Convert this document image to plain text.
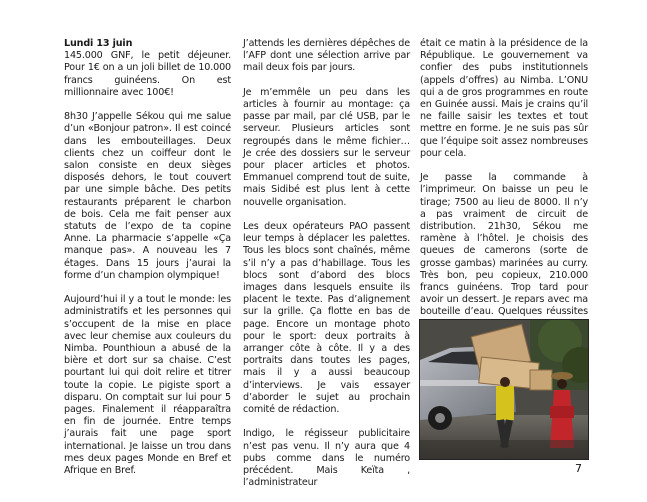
Lundi 13 juin

145.000 GNF, le petit déjeuner. Pour 1€ on a un joli billet de 10.000 francs guinéens. On est millionnaire avec 100€!

8h30 J’appelle Sékou qui me salue d’un «Bonjour patron». Il est coincé dans les embouteillages. Deux clients chez un coiffeur dont le salon consiste en deux sièges disposés dehors, le tout couvert par une simple bâche. Des petits restaurants préparent le charbon de bois. Cela me fait penser aux statuts de l’expo de ta copine Anne. La pharmacie s’appelle «Ça manque pas». A nouveau les 7 étages. Dans 15 jours j’aurai la forme d’un champion olympique!

Aujourd’hui il y a tout le monde: les administratifs et les personnes qui s’occupent de la mise en place avec leur chemise aux couleurs du Nimba. Pounthioun a abusé de la bière et dort sur sa chaise. C’est pourtant lui qui doit relire et titrer toute la copie. Le pigiste sport a disparu. On comptait sur lui pour 5 pages. Finalement il réapparaîtra en fin de journée. Entre temps j’aurais fait une page sport international. Je laisse un trou dans mes deux pages Monde en Bref et Afrique en Bref.

J’attends les dernières dépêches de l’AFP dont une sélection arrive par mail deux fois par jours.

Je m’emmêle un peu dans les articles à fournir au montage: ça passe par mail, par clé USB, par le serveur. Plusieurs articles sont regroupés dans le même fichier… Je crée des dossiers sur le serveur pour placer articles et photos. Emmanuel comprend tout de suite, mais Sidibé est plus lent à cette nouvelle organisation.

Les deux opérateurs PAO passent leur temps à déplacer les palettes. Tous les blocs sont chaînés, même s’il n’y a pas d’habillage. Tous les blocs sont d’abord des blocs images dans lesquels ensuite ils placent le texte. Pas d’alignement sur la grille. Ça flotte en bas de page. Encore un montage photo pour le sport: deux portraits à arranger côte à côte. Il y a des portraits dans toutes les pages, mais il y a aussi beaucoup d’interviews. Je vais essayer d’aborder le sujet au prochain comité de rédaction.

Indigo, le régisseur publicitaire n’est pas venu. Il n’y aura que 4 pubs comme dans le numéro précédent. Mais Keïta , l’administrateur

était ce matin à la présidence de la République. Le gouvernement va confier des pubs institutionnels (appels d’offres) au Nimba. L’ONU qui a de gros programmes en route en Guinée aussi. Mais je crains qu’il ne faille saisir les textes et tout mettre en forme. Je ne suis pas sûr que l’équipe soit assez nombreuses pour cela.

Je passe la commande à l’imprimeur. On baisse un peu le tirage; 7500 au lieu de 8000. Il n’y a pas vraiment de circuit de distribution. 21h30, Sékou me ramène à l’hôtel. Je choisis des queues de camerons (sorte de grosse gambas) marinées au curry. Très bon, peu copieux, 210.000 francs guinéens. Trop tard pour avoir un dessert. Je repars avec ma bouteille d’eau. Quelques réussites

7
